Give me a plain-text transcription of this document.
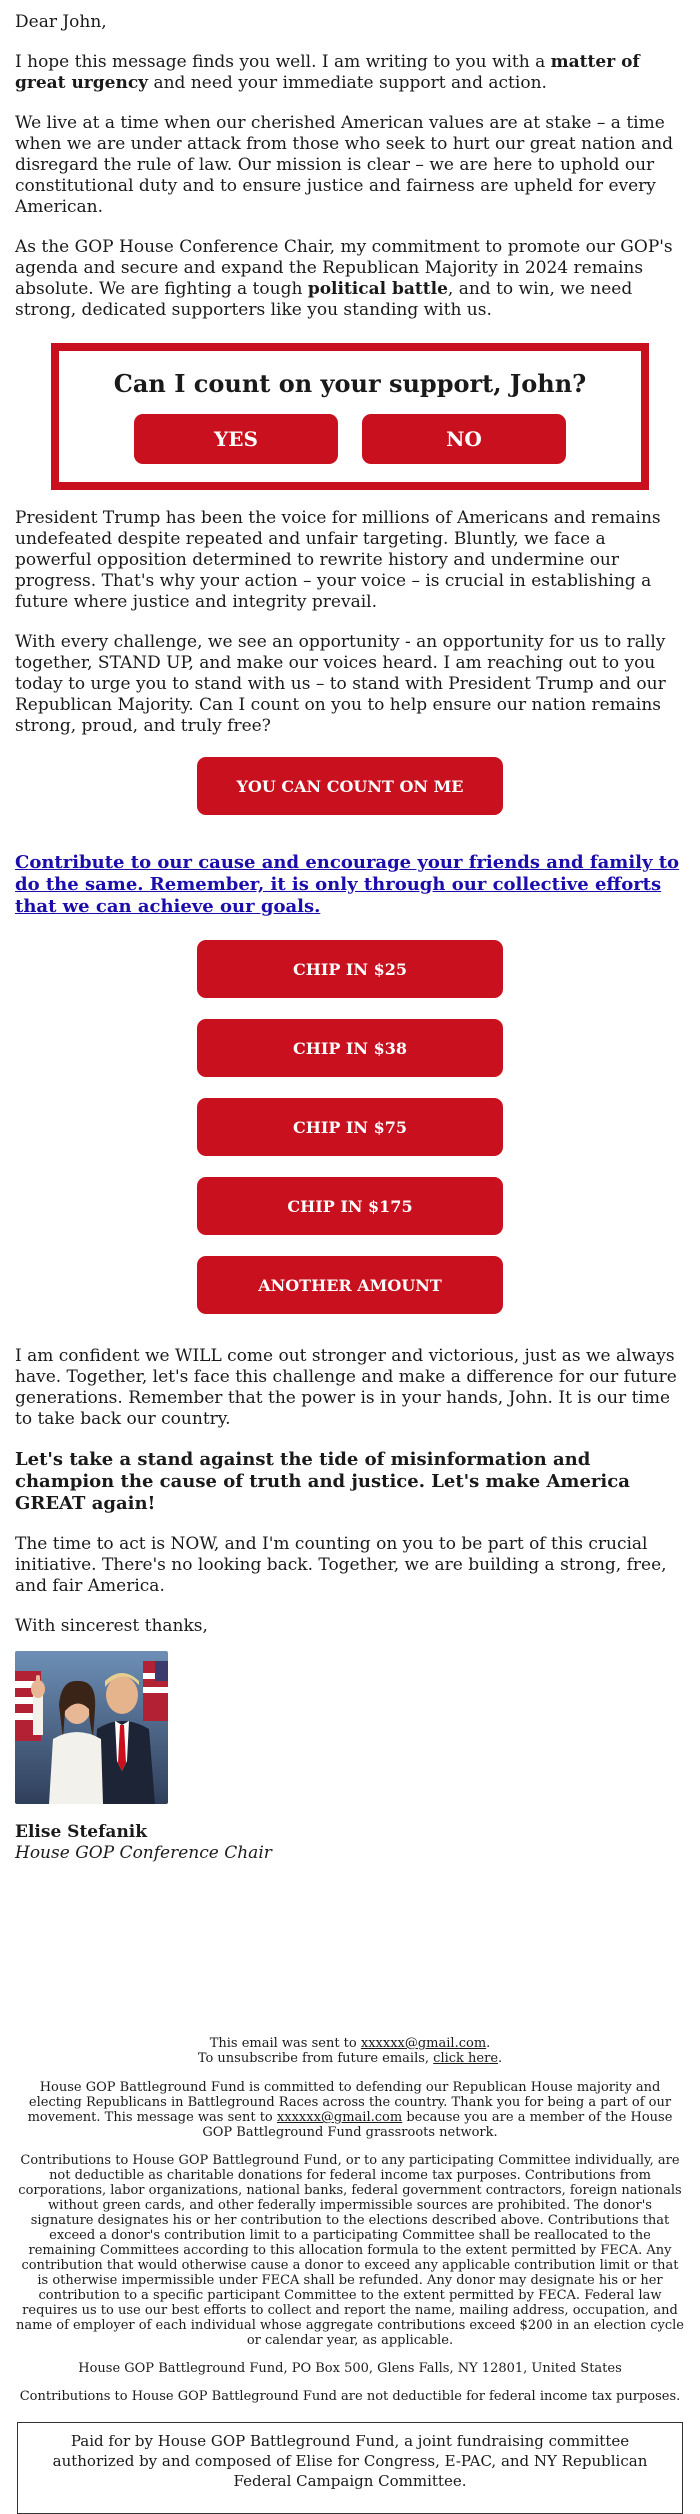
Dear John,

I hope this message finds you well. I am writing to you with a matter of great urgency and need your immediate support and action.

We live at a time when our cherished American values are at stake – a time when we are under attack from those who seek to hurt our great nation and disregard the rule of law. Our mission is clear – we are here to uphold our constitutional duty and to ensure justice and fairness are upheld for every American.

As the GOP House Conference Chair, my commitment to promote our GOP's agenda and secure and expand the Republican Majority in 2024 remains absolute. We are fighting a tough political battle, and to win, we need strong, dedicated supporters like you standing with us.

Can I count on your support, John?
YES	NO

President Trump has been the voice for millions of Americans and remains undefeated despite repeated and unfair targeting. Bluntly, we face a powerful opposition determined to rewrite history and undermine our progress. That's why your action – your voice – is crucial in establishing a future where justice and integrity prevail.

With every challenge, we see an opportunity - an opportunity for us to rally together, STAND UP, and make our voices heard. I am reaching out to you today to urge you to stand with us – to stand with President Trump and our Republican Majority. Can I count on you to help ensure our nation remains strong, proud, and truly free?

YOU CAN COUNT ON ME
Contribute to our cause and encourage your friends and family to do the same. Remember, it is only through our collective efforts that we can achieve our goals.
CHIP IN $25
CHIP IN $38
CHIP IN $75
CHIP IN $175
ANOTHER AMOUNT

I am confident we WILL come out stronger and victorious, just as we always have. Together, let's face this challenge and make a difference for our future generations. Remember that the power is in your hands, John. It is our time to take back our country.

Let's take a stand against the tide of misinformation and champion the cause of truth and justice. Let's make America GREAT again!

The time to act is NOW, and I'm counting on you to be part of this crucial initiative. There's no looking back. Together, we are building a strong, free, and fair America.

With sincerest thanks,

Elise Stefanik

House GOP Conference Chair

This email was sent to xxxxxx@gmail.com.

To unsubscribe from future emails, click here.

House GOP Battleground Fund is committed to defending our Republican House majority and electing Republicans in Battleground Races across the country. Thank you for being a part of our movement. This message was sent to xxxxxx@gmail.com because you are a member of the House GOP Battleground Fund grassroots network.

Contributions to House GOP Battleground Fund, or to any participating Committee individually, are not deductible as charitable donations for federal income tax purposes. Contributions from corporations, labor organizations, national banks, federal government contractors, foreign nationals without green cards, and other federally impermissible sources are prohibited. The donor's signature designates his or her contribution to the elections described above. Contributions that exceed a donor's contribution limit to a participating Committee shall be reallocated to the remaining Committees according to this allocation formula to the extent permitted by FECA. Any contribution that would otherwise cause a donor to exceed any applicable contribution limit or that is otherwise impermissible under FECA shall be refunded. Any donor may designate his or her contribution to a specific participant Committee to the extent permitted by FECA. Federal law requires us to use our best efforts to collect and report the name, mailing address, occupation, and name of employer of each individual whose aggregate contributions exceed $200 in an election cycle or calendar year, as applicable.

House GOP Battleground Fund, PO Box 500, Glens Falls, NY 12801, United States

Contributions to House GOP Battleground Fund are not deductible for federal income tax purposes.

Paid for by House GOP Battleground Fund, a joint fundraising committee authorized by and composed of Elise for Congress, E-PAC, and NY Republican Federal Campaign Committee.
